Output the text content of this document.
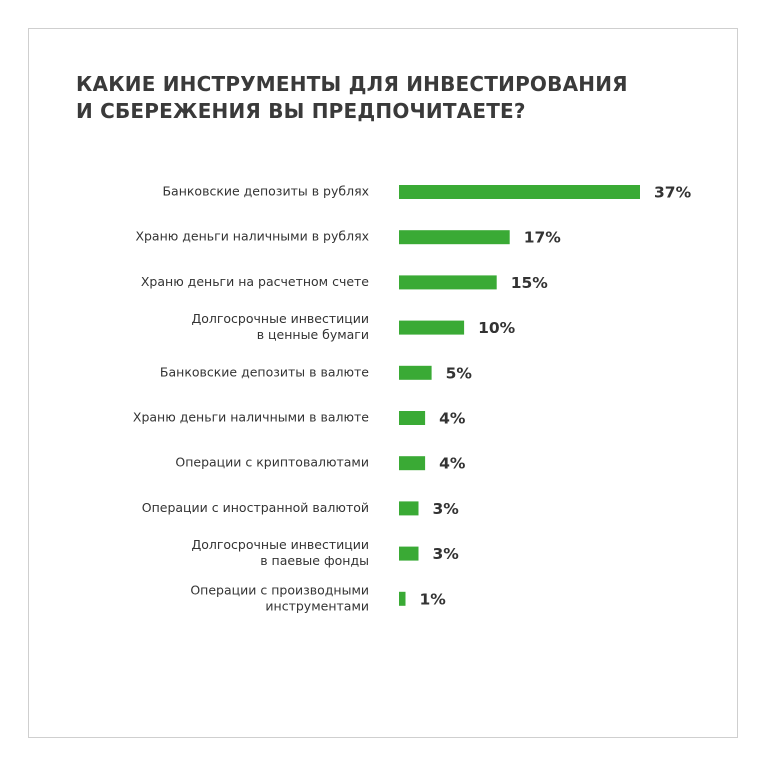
КАКИЕ ИНСТРУМЕНТЫ ДЛЯ ИНВЕСТИРОВАНИЯ
И СБЕРЕЖЕНИЯ ВЫ ПРЕДПОЧИТАЕТЕ?
Банковские депозиты в рублях	37%
Храню деньги наличными в рублях	17%
Храню деньги на расчетном счете	15%
Долгосрочные инвестиции
в ценные бумаги	10%
Банковские депозиты в валюте	5%
Храню деньги наличными в валюте	4%
Операции с криптовалютами	4%
Операции с иностранной валютой	3%
Долгосрочные инвестиции
в паевые фонды	3%
Операции с производными
инструментами	1%
